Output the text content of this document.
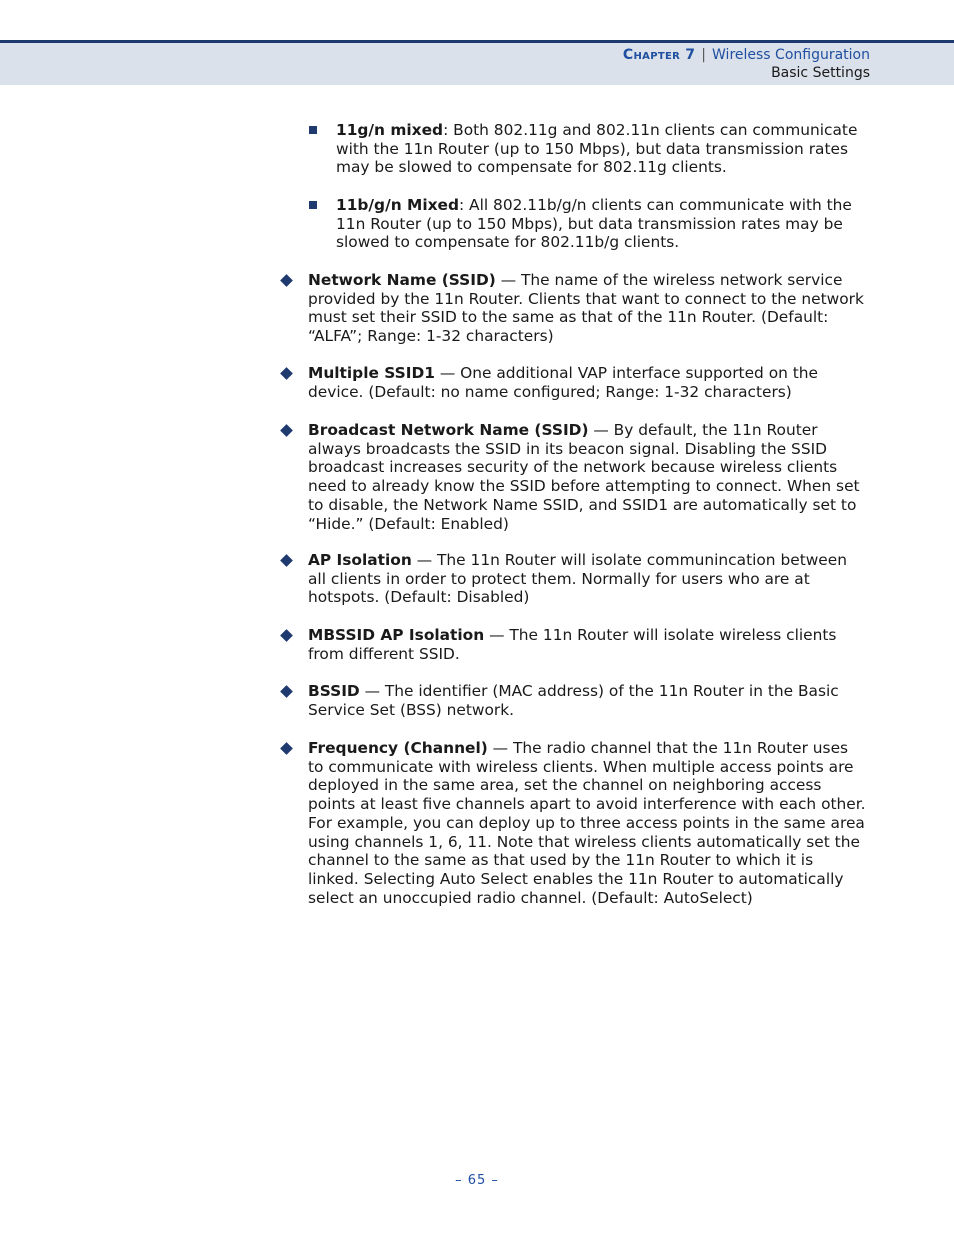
Chapter 7 | Wireless Configuration
Basic Settings
11g/n mixed: Both 802.11g and 802.11n clients can communicate with the 11n Router (up to 150 Mbps), but data transmission rates may be slowed to compensate for 802.11g clients.
11b/g/n Mixed: All 802.11b/g/n clients can communicate with the 11n Router (up to 150 Mbps), but data transmission rates may be slowed to compensate for 802.11b/g clients.
Network Name (SSID) — The name of the wireless network service provided by the 11n Router. Clients that want to connect to the network must set their SSID to the same as that of the 11n Router. (Default: “ALFA”; Range: 1-32 characters)
Multiple SSID1 — One additional VAP interface supported on the device. (Default: no name configured; Range: 1-32 characters)
Broadcast Network Name (SSID) — By default, the 11n Router always broadcasts the SSID in its beacon signal. Disabling the SSID broadcast increases security of the network because wireless clients need to already know the SSID before attempting to connect. When set to disable, the Network Name SSID, and SSID1 are automatically set to “Hide.” (Default: Enabled)
AP Isolation — The 11n Router will isolate communincation between all clients in order to protect them. Normally for users who are at hotspots. (Default: Disabled)
MBSSID AP Isolation — The 11n Router will isolate wireless clients from different SSID.
BSSID — The identifier (MAC address) of the 11n Router in the Basic Service Set (BSS) network.
Frequency (Channel) — The radio channel that the 11n Router uses to communicate with wireless clients. When multiple access points are deployed in the same area, set the channel on neighboring access points at least five channels apart to avoid interference with each other. For example, you can deploy up to three access points in the same area using channels 1, 6, 11. Note that wireless clients automatically set the channel to the same as that used by the 11n Router to which it is linked. Selecting Auto Select enables the 11n Router to automatically select an unoccupied radio channel. (Default: AutoSelect)
– 65 –
